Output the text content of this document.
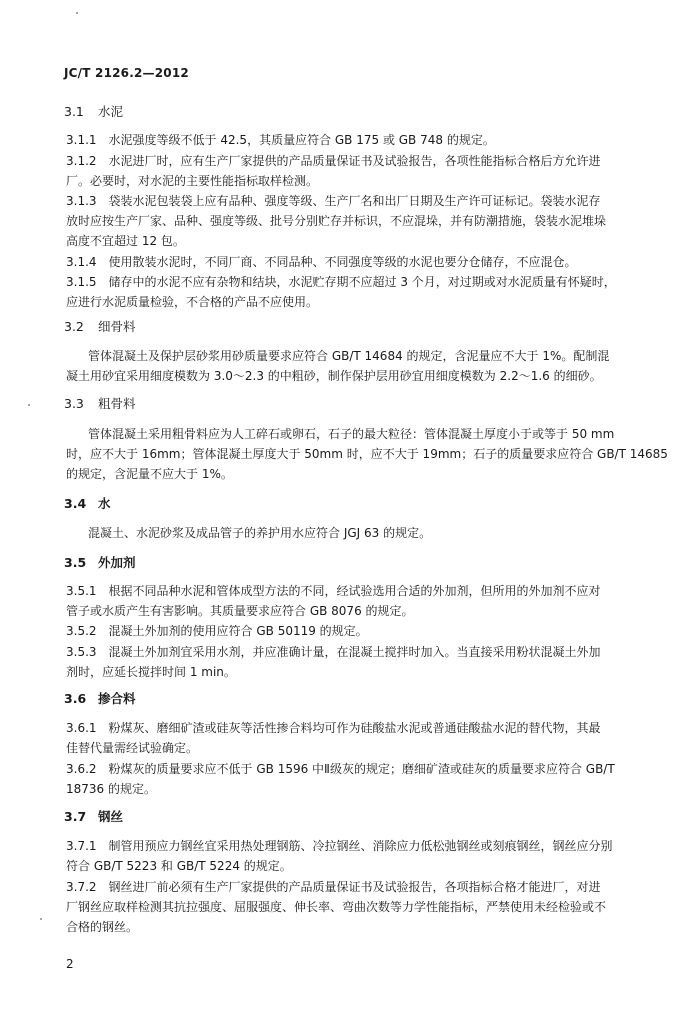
JC/T 2126.2—2012
3.1 水泥
3.2 细骨料
3.3 粗骨料
3.4 水
3.5 外加剂
3.6 掺合料
3.7 钢丝
3.1.1　水泥强度等级不低于 42.5，其质量应符合 GB 175 或 GB 748 的规定。
3.1.2　水泥进厂时，应有生产厂家提供的产品质量保证书及试验报告，各项性能指标合格后方允许进
厂。必要时，对水泥的主要性能指标取样检测。
3.1.3　袋装水泥包装袋上应有品种、强度等级、生产厂名和出厂日期及生产许可证标记。袋装水泥存
放时应按生产厂家、品种、强度等级、批号分别贮存并标识，不应混垛，并有防潮措施，袋装水泥堆垛
高度不宜超过 12 包。
3.1.4　使用散装水泥时，不同厂商、不同品种、不同强度等级的水泥也要分仓储存，不应混仓。
3.1.5　储存中的水泥不应有杂物和结块，水泥贮存期不应超过 3 个月，对过期或对水泥质量有怀疑时，
应进行水泥质量检验，不合格的产品不应使用。
管体混凝土及保护层砂浆用砂质量要求应符合 GB/T 14684 的规定，含泥量应不大于 1%。配制混
凝土用砂宜采用细度模数为 3.0～2.3 的中粗砂，制作保护层用砂宜用细度模数为 2.2～1.6 的细砂。
管体混凝土采用粗骨料应为人工碎石或卵石，石子的最大粒径：管体混凝土厚度小于或等于 50 mm
时，应不大于 16mm；管体混凝土厚度大于 50mm 时，应不大于 19mm；石子的质量要求应符合 GB/T 14685
的规定，含泥量不应大于 1%。
混凝土、水泥砂浆及成品管子的养护用水应符合 JGJ 63 的规定。
3.5.1　根据不同品种水泥和管体成型方法的不同，经试验选用合适的外加剂，但所用的外加剂不应对
管子或水质产生有害影响。其质量要求应符合 GB 8076 的规定。
3.5.2　混凝土外加剂的使用应符合 GB 50119 的规定。
3.5.3　混凝土外加剂宜采用水剂，并应准确计量，在混凝土搅拌时加入。当直接采用粉状混凝土外加
剂时，应延长搅拌时间 1 min。
3.6.1　粉煤灰、磨细矿渣或硅灰等活性掺合料均可作为硅酸盐水泥或普通硅酸盐水泥的替代物，其最
佳替代量需经试验确定。
3.6.2　粉煤灰的质量要求应不低于 GB 1596 中Ⅱ级灰的规定；磨细矿渣或硅灰的质量要求应符合 GB/T
18736 的规定。
3.7.1　制管用预应力钢丝宜采用热处理钢筋、冷拉钢丝、消除应力低松弛钢丝或刻痕钢丝，钢丝应分别
符合 GB/T 5223 和 GB/T 5224 的规定。
3.7.2　钢丝进厂前必须有生产厂家提供的产品质量保证书及试验报告，各项指标合格才能进厂，对进
厂钢丝应取样检测其抗拉强度、屈服强度、伸长率、弯曲次数等力学性能指标，严禁使用未经检验或不
合格的钢丝。
2
